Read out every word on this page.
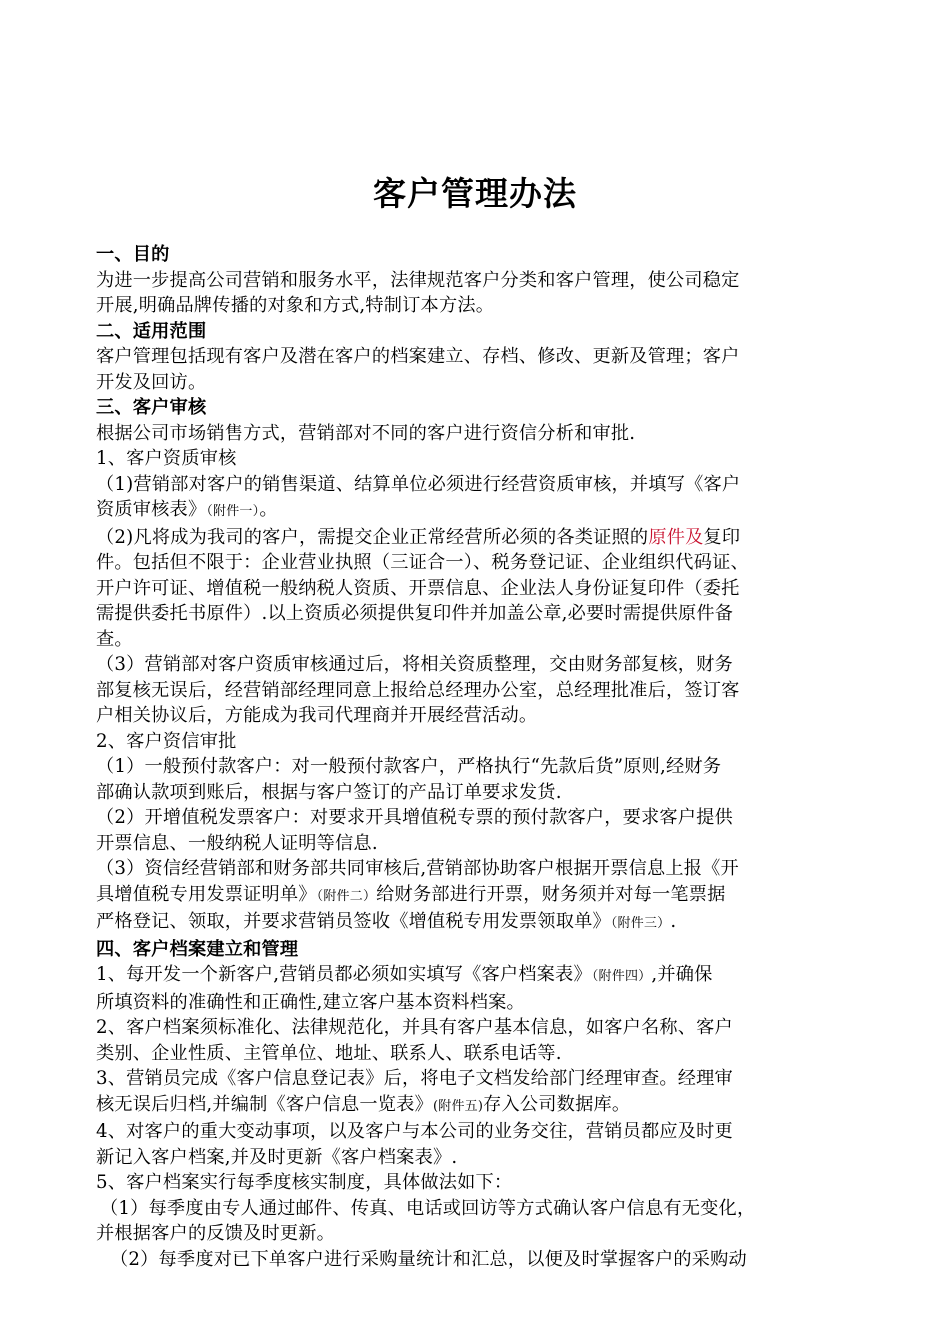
客户管理办法

一、目的

为进一步提高公司营销和服务水平，法律规范客户分类和客户管理，使公司稳定

开展,明确品牌传播的对象和方式,特制订本方法。

二、适用范围

客户管理包括现有客户及潜在客户的档案建立、存档、修改、更新及管理；客户

开发及回访。

三、客户审核

根据公司市场销售方式，营销部对不同的客户进行资信分析和审批.

1、客户资质审核

（1)营销部对客户的销售渠道、结算单位必须进行经营资质审核，并填写《客户

资质审核表》（附件一）。

（2)凡将成为我司的客户，需提交企业正常经营所必须的各类证照的原件及复印

件。包括但不限于：企业营业执照（三证合一）、税务登记证、企业组织代码证、

开户许可证、增值税一般纳税人资质、开票信息、企业法人身份证复印件（委托

需提供委托书原件）.以上资质必须提供复印件并加盖公章,必要时需提供原件备

查。

（3）营销部对客户资质审核通过后，将相关资质整理，交由财务部复核，财务

部复核无误后，经营销部经理同意上报给总经理办公室，总经理批准后，签订客

户相关协议后，方能成为我司代理商并开展经营活动。

2、客户资信审批

（1）一般预付款客户：对一般预付款客户，严格执行“先款后货”原则,经财务

部确认款项到账后，根据与客户签订的产品订单要求发货.

（2）开增值税发票客户：对要求开具增值税专票的预付款客户，要求客户提供

开票信息、一般纳税人证明等信息.

（3）资信经营销部和财务部共同审核后,营销部协助客户根据开票信息上报《开

具增值税专用发票证明单》（附件二）给财务部进行开票，财务须并对每一笔票据

严格登记、领取，并要求营销员签收《增值税专用发票领取单》（附件三）.

四、客户档案建立和管理

1、每开发一个新客户,营销员都必须如实填写《客户档案表》（附件四）,并确保

所填资料的准确性和正确性,建立客户基本资料档案。

2、客户档案须标准化、法律规范化，并具有客户基本信息，如客户名称、客户

类别、企业性质、主管单位、地址、联系人、联系电话等.

3、营销员完成《客户信息登记表》后，将电子文档发给部门经理审查。经理审

核无误后归档,并编制《客户信息一览表》(附件五)存入公司数据库。

4、对客户的重大变动事项，以及客户与本公司的业务交往，营销员都应及时更

新记入客户档案,并及时更新《客户档案表》.

5、客户档案实行每季度核实制度，具体做法如下：

（1）每季度由专人通过邮件、传真、电话或回访等方式确认客户信息有无变化，

并根据客户的反馈及时更新。

（2）每季度对已下单客户进行采购量统计和汇总，以便及时掌握客户的采购动
